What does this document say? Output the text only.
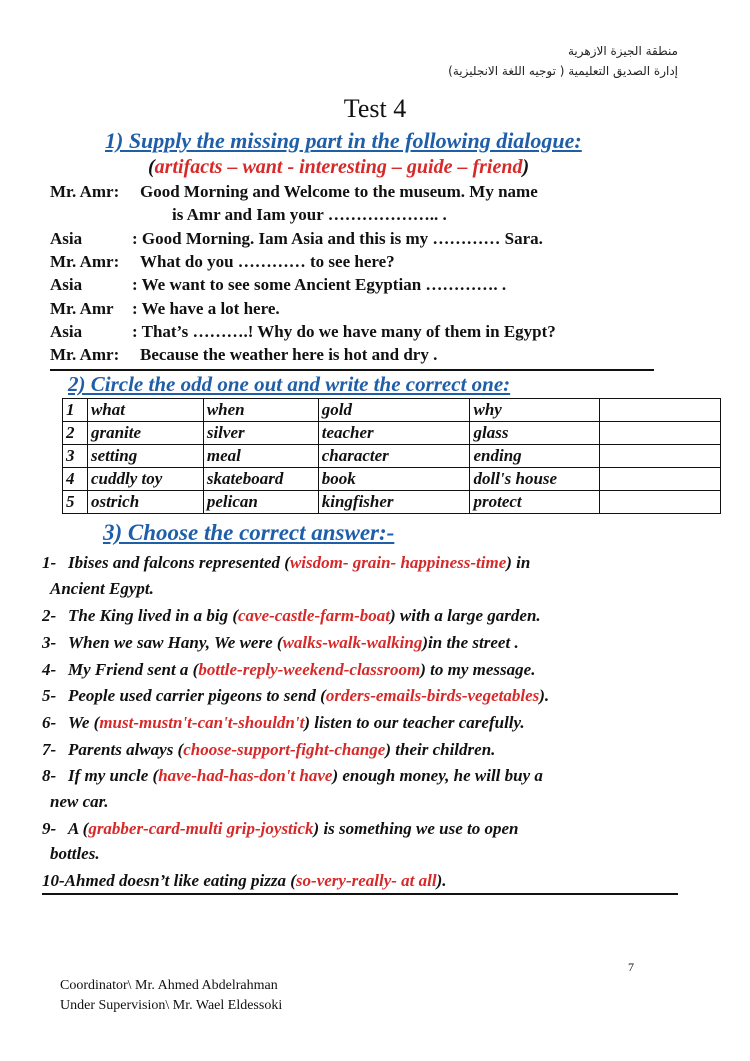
منطقة الجيزة الازهرية
إدارة الصديق التعليمية ( توجيه اللغة الانجليزية)
Test 4
1) Supply the missing part in the following dialogue:
(artifacts – want - interesting – guide – friend)
Mr. Amr: Good Morning and Welcome to the museum. My name
is Amr and Iam your ……………….. .
Asia	: Good Morning. Iam Asia and this is my ………… Sara.
Mr. Amr: What do you ………… to see here?
Asia	: We want to see some Ancient Egyptian …………. .
Mr. Amr : We have a lot here.
Asia	: That’s ……….! Why do we have many of them in Egypt?
Mr. Amr: Because the weather here is hot and dry .
2) Circle the odd one out and write the correct one:
1	what	when	gold	why	
2	granite	silver	teacher	glass	
3	setting	meal	character	ending	
4	cuddly toy	skateboard	book	doll's house	
5	ostrich	pelican	kingfisher	protect	
3) Choose the correct answer:-
1- Ibises and falcons represented (wisdom- grain- happiness-time) in
Ancient Egypt.
2- The King lived in a big (cave-castle-farm-boat) with a large garden.
3- When we saw Hany, We were (walks-walk-walking)in the street .
4- My Friend sent a (bottle-reply-weekend-classroom) to my message.
5- People used carrier pigeons to send (orders-emails-birds-vegetables).
6- We (must-mustn't-can't-shouldn't) listen to our teacher carefully.
7- Parents always (choose-support-fight-change) their children.
8- If my uncle (have-had-has-don't have) enough money, he will buy a
new car.
9- A (grabber-card-multi grip-joystick) is something we use to open
bottles.
10-Ahmed doesn’t like eating pizza (so-very-really- at all).
7
Coordinator\ Mr. Ahmed Abdelrahman
Under Supervision\ Mr. Wael Eldessoki
